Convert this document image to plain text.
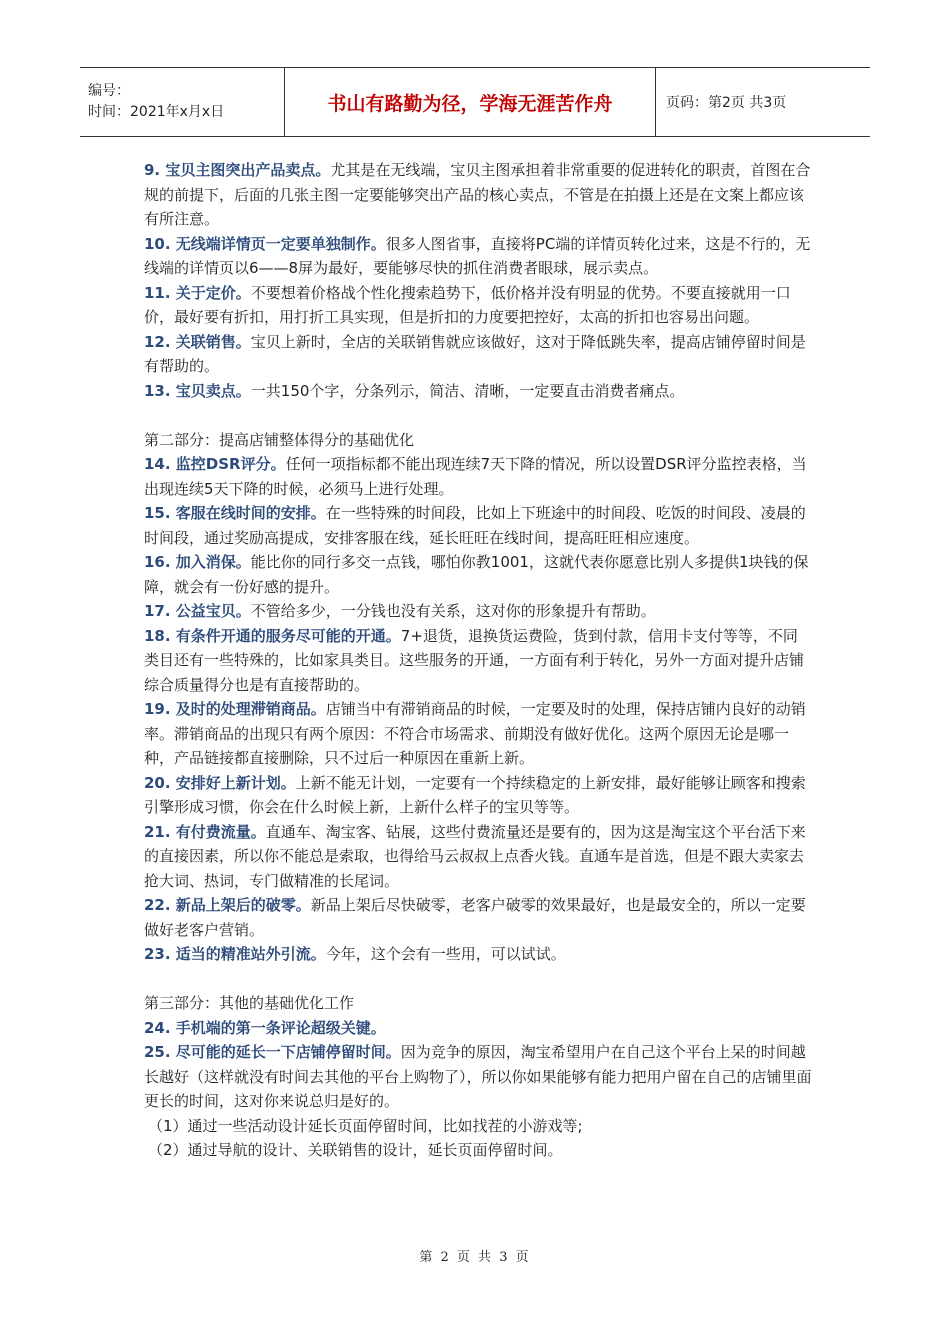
编号：
时间：2021年x月x日	书山有路勤为径，学海无涯苦作舟	页码：第2页 共3页

9. 宝贝主图突出产品卖点。尤其是在无线端，宝贝主图承担着非常重要的促进转化的职责，首图在合规的前提下，后面的几张主图一定要能够突出产品的核心卖点，不管是在拍摄上还是在文案上都应该有所注意。

10. 无线端详情页一定要单独制作。很多人图省事，直接将PC端的详情页转化过来，这是不行的，无线端的详情页以6——8屏为最好，要能够尽快的抓住消费者眼球，展示卖点。

11. 关于定价。不要想着价格战个性化搜索趋势下，低价格并没有明显的优势。不要直接就用一口价，最好要有折扣，用打折工具实现，但是折扣的力度要把控好，太高的折扣也容易出问题。

12. 关联销售。宝贝上新时，全店的关联销售就应该做好，这对于降低跳失率，提高店铺停留时间是有帮助的。

13. 宝贝卖点。一共150个字，分条列示，简洁、清晰，一定要直击消费者痛点。

第二部分：提高店铺整体得分的基础优化

14. 监控DSR评分。任何一项指标都不能出现连续7天下降的情况，所以设置DSR评分监控表格，当出现连续5天下降的时候，必须马上进行处理。

15. 客服在线时间的安排。在一些特殊的时间段，比如上下班途中的时间段、吃饭的时间段、凌晨的时间段，通过奖励高提成，安排客服在线，延长旺旺在线时间，提高旺旺相应速度。

16. 加入消保。能比你的同行多交一点钱，哪怕你教1001，这就代表你愿意比别人多提供1块钱的保障，就会有一份好感的提升。

17. 公益宝贝。不管给多少，一分钱也没有关系，这对你的形象提升有帮助。

18. 有条件开通的服务尽可能的开通。7+退货，退换货运费险，货到付款，信用卡支付等等，不同类目还有一些特殊的，比如家具类目。这些服务的开通，一方面有利于转化，另外一方面对提升店铺综合质量得分也是有直接帮助的。

19. 及时的处理滞销商品。店铺当中有滞销商品的时候，一定要及时的处理，保持店铺内良好的动销率。滞销商品的出现只有两个原因：不符合市场需求、前期没有做好优化。这两个原因无论是哪一种，产品链接都直接删除，只不过后一种原因在重新上新。

20. 安排好上新计划。上新不能无计划，一定要有一个持续稳定的上新安排，最好能够让顾客和搜索引擎形成习惯，你会在什么时候上新，上新什么样子的宝贝等等。

21. 有付费流量。直通车、淘宝客、钻展，这些付费流量还是要有的，因为这是淘宝这个平台活下来的直接因素，所以你不能总是索取，也得给马云叔叔上点香火钱。直通车是首选，但是不跟大卖家去抢大词、热词，专门做精准的长尾词。

22. 新品上架后的破零。新品上架后尽快破零，老客户破零的效果最好，也是最安全的，所以一定要做好老客户营销。

23. 适当的精准站外引流。今年，这个会有一些用，可以试试。

第三部分：其他的基础优化工作

24. 手机端的第一条评论超级关键。

25. 尽可能的延长一下店铺停留时间。因为竞争的原因，淘宝希望用户在自己这个平台上呆的时间越长越好（这样就没有时间去其他的平台上购物了），所以你如果能够有能力把用户留在自己的店铺里面更长的时间，这对你来说总归是好的。

（1）通过一些活动设计延长页面停留时间，比如找茬的小游戏等;

（2）通过导航的设计、关联销售的设计，延长页面停留时间。

第 2 页 共 3 页
